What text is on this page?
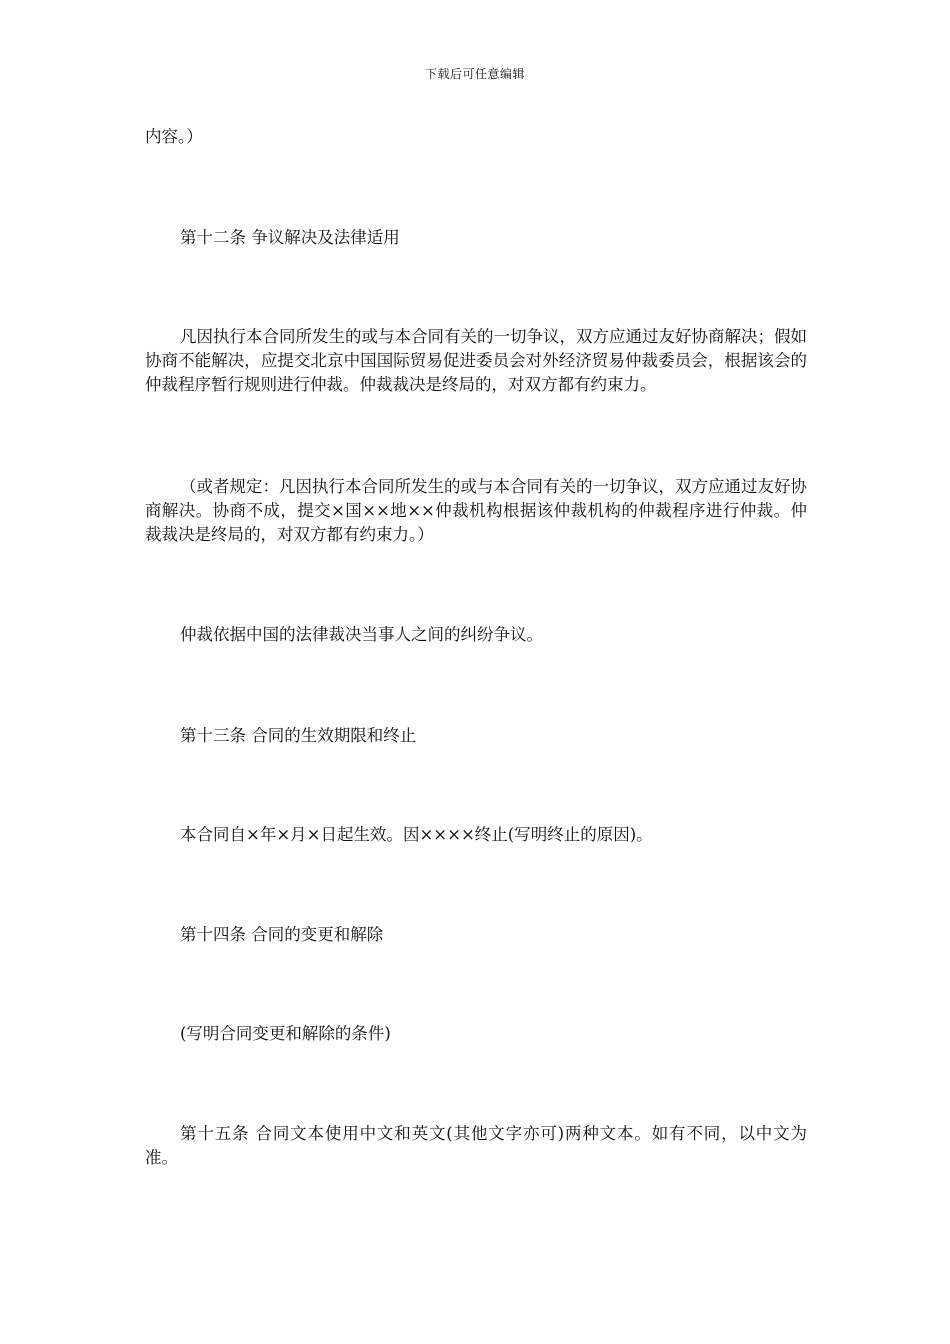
下载后可任意编辑

内容。）

第十二条 争议解决及法律适用

凡因执行本合同所发生的或与本合同有关的一切争议，双方应通过友好协商解决；假如协商不能解决，应提交北京中国国际贸易促进委员会对外经济贸易仲裁委员会，根据该会的仲裁程序暂行规则进行仲裁。仲裁裁决是终局的，对双方都有约束力。

（或者规定：凡因执行本合同所发生的或与本合同有关的一切争议，双方应通过友好协商解决。协商不成，提交×国××地××仲裁机构根据该仲裁机构的仲裁程序进行仲裁。仲裁裁决是终局的，对双方都有约束力。）

仲裁依据中国的法律裁决当事人之间的纠纷争议。

第十三条 合同的生效期限和终止

本合同自×年×月×日起生效。因××××终止(写明终止的原因)。

第十四条 合同的变更和解除

(写明合同变更和解除的条件)

第十五条 合同文本使用中文和英文(其他文字亦可)两种文本。如有不同，以中文为准。
